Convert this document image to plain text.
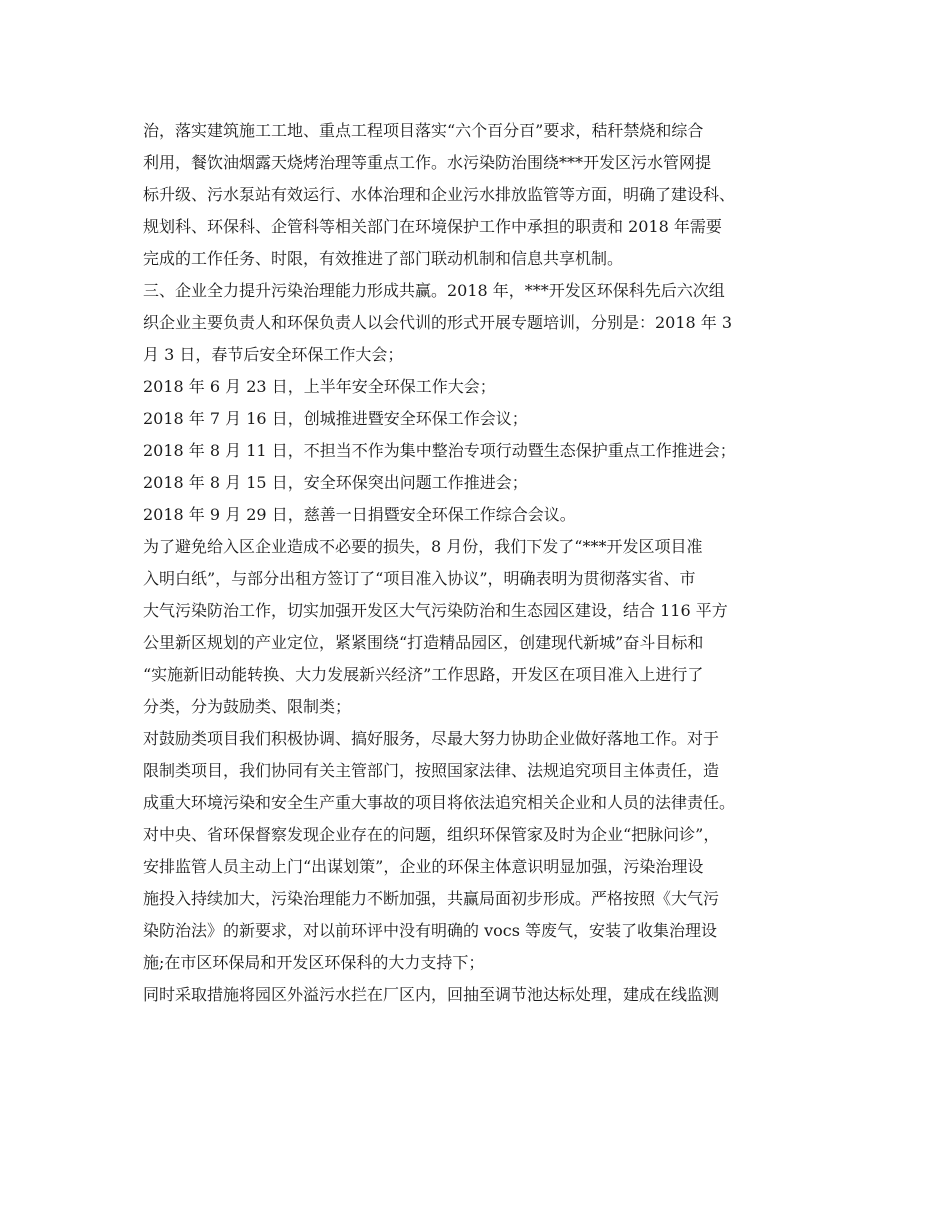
治，落实建筑施工工地、重点工程项目落实“六个百分百”要求，秸秆禁烧和综合
利用，餐饮油烟露天烧烤治理等重点工作。水污染防治围绕***开发区污水管网提
标升级、污水泵站有效运行、水体治理和企业污水排放监管等方面，明确了建设科、
规划科、环保科、企管科等相关部门在环境保护工作中承担的职责和 2018 年需要
完成的工作任务、时限，有效推进了部门联动机制和信息共享机制。
三、企业全力提升污染治理能力形成共赢。2018 年，***开发区环保科先后六次组
织企业主要负责人和环保负责人以会代训的形式开展专题培训，分别是：2018 年 3
月 3 日，春节后安全环保工作大会；
2018 年 6 月 23 日，上半年安全环保工作大会；
2018 年 7 月 16 日，创城推进暨安全环保工作会议；
2018 年 8 月 11 日，不担当不作为集中整治专项行动暨生态保护重点工作推进会；
2018 年 8 月 15 日，安全环保突出问题工作推进会；
2018 年 9 月 29 日，慈善一日捐暨安全环保工作综合会议。
为了避免给入区企业造成不必要的损失，8 月份，我们下发了“***开发区项目准
入明白纸”，与部分出租方签订了“项目准入协议”，明确表明为贯彻落实省、市
大气污染防治工作，切实加强开发区大气污染防治和生态园区建设，结合 116 平方
公里新区规划的产业定位，紧紧围绕“打造精品园区，创建现代新城”奋斗目标和
“实施新旧动能转换、大力发展新兴经济”工作思路，开发区在项目准入上进行了
分类，分为鼓励类、限制类；
对鼓励类项目我们积极协调、搞好服务，尽最大努力协助企业做好落地工作。对于
限制类项目，我们协同有关主管部门，按照国家法律、法规追究项目主体责任，造
成重大环境污染和安全生产重大事故的项目将依法追究相关企业和人员的法律责任。
对中央、省环保督察发现企业存在的问题，组织环保管家及时为企业“把脉问诊”，
安排监管人员主动上门“出谋划策”，企业的环保主体意识明显加强，污染治理设
施投入持续加大，污染治理能力不断加强，共赢局面初步形成。严格按照《大气污
染防治法》的新要求，对以前环评中没有明确的 vocs 等废气，安装了收集治理设
施;在市区环保局和开发区环保科的大力支持下；
同时采取措施将园区外溢污水拦在厂区内，回抽至调节池达标处理，建成在线监测
